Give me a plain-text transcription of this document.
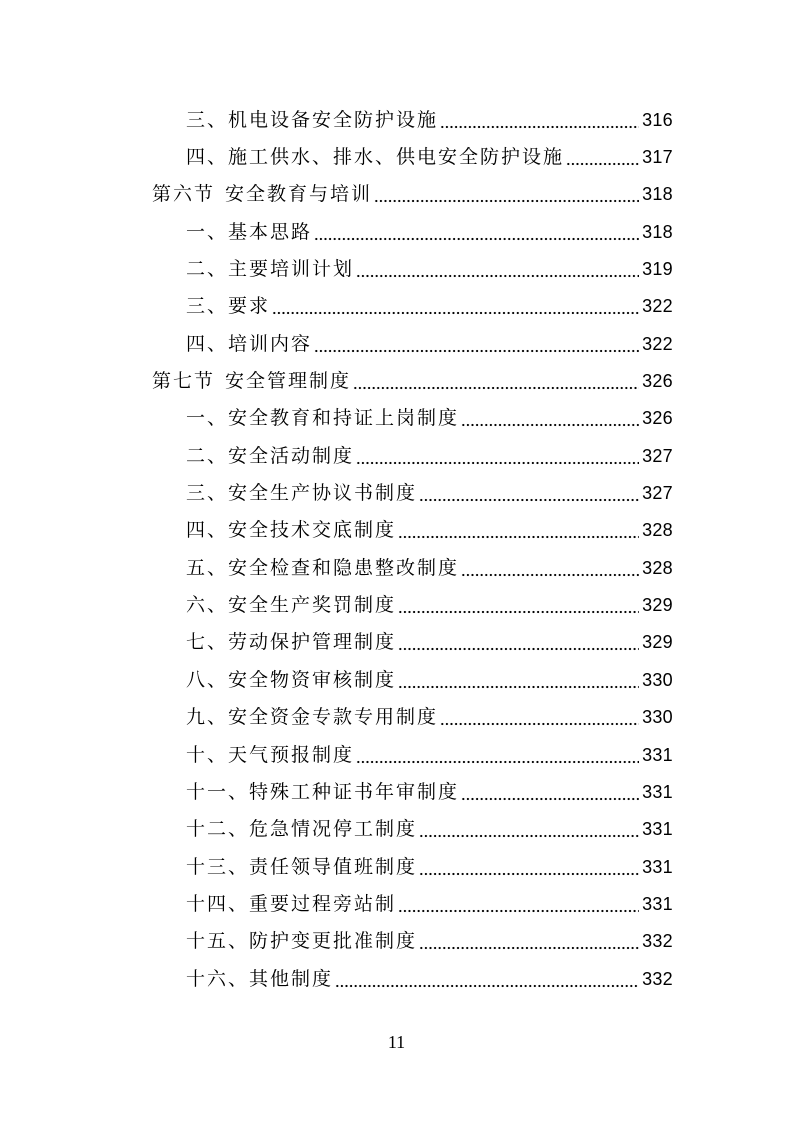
三、机电设备安全防护设施	316
四、施工供水、排水、供电安全防护设施	317
第六节 安全教育与培训	318
一、基本思路	318
二、主要培训计划	319
三、要求	322
四、培训内容	322
第七节 安全管理制度	326
一、安全教育和持证上岗制度	326
二、安全活动制度	327
三、安全生产协议书制度	327
四、安全技术交底制度	328
五、安全检查和隐患整改制度	328
六、安全生产奖罚制度	329
七、劳动保护管理制度	329
八、安全物资审核制度	330
九、安全资金专款专用制度	330
十、天气预报制度	331
十一、特殊工种证书年审制度	331
十二、危急情况停工制度	331
十三、责任领导值班制度	331
十四、重要过程旁站制	331
十五、防护变更批准制度	332
十六、其他制度	332
11
